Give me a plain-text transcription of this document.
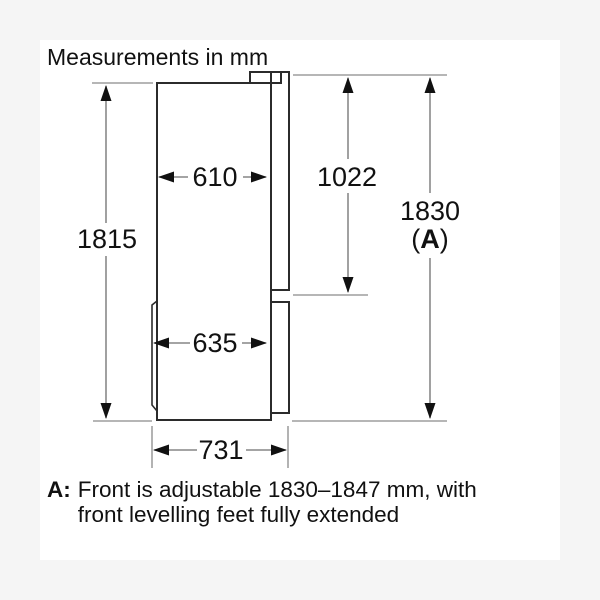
Measurements in mm
610	1022
1815
1830
(A)
635
731
A: Front is adjustable 1830–1847 mm, with
front levelling feet fully extended
